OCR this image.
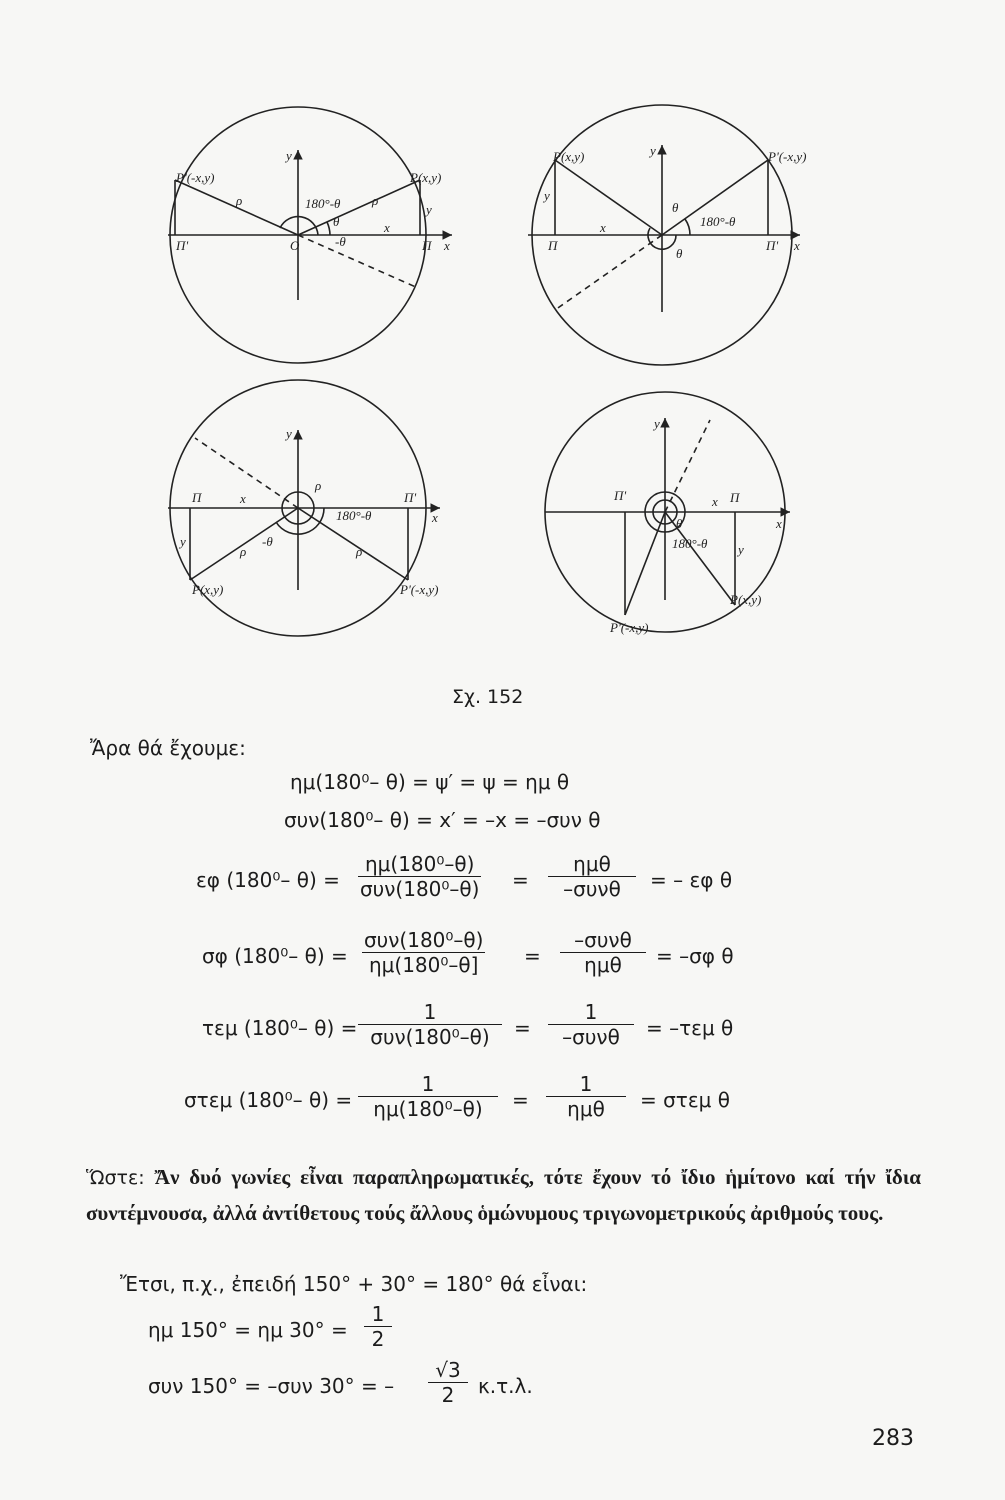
P'(-x,y)	P(x,y)
180°-θ
θ
-θ
ρ	ρ
x
y
Π'	Π
O	x
y	P(x,y)	P'(-x,y)
180°-θ
θ
θ
x
y
Π	Π' x
y
P(x,y)	P'(-x,y)
180°-θ
-θ
ρ	ρ
ρ
x
y
Π	Π'
x
y
P(x,y)
P'(-x,y)
180°-θ
θ
x
y
Π'	Π
x
y
Σχ. 152
Ἄρα θά ἔχουμε:
ημ(180⁰– θ) = ψ′ = ψ = ημ θ
συν(180⁰– θ) = x′ = –x = –συν θ
εφ (180⁰– θ) =
ημ(180⁰–θ)
συν(180⁰–θ) =
ημθ
–συνθ	= – εφ θ
σφ (180⁰– θ) =
συν(180⁰–θ)
ημ(180⁰–θ]	=
–συνθ
ημθ	= –σφ θ
τεμ (180⁰– θ) =
1
συν(180⁰–θ)	=
1
–συνθ	= –τεμ θ
στεμ (180⁰– $\theta) = \frac{1}{\text{ημ(180⁰–θ)}}$ =
1
ημθ	= στεμ θ
Ὥστε: Ἄν δυό γωνίες εἶναι παραπληρωματικές, τότε ἔχουν τό ἴδιο ἡμίτονο καί τήν ἴδια συντέμνουσα, ἀλλά ἀντίθετους τούς ἄλλους ὁμώνυμους τριγωνομετρικούς ἀριθμούς τους.
Ἔτσι, π.χ., ἐπειδή 150° + 30° = 180° θά εἶναι:
ημ 150° = ημ $30^\circ = \frac{1}{2}$
συν 150° = –συν 30° = – $\frac{√3}{2} \kappa.\tau.\lambda$.
283
